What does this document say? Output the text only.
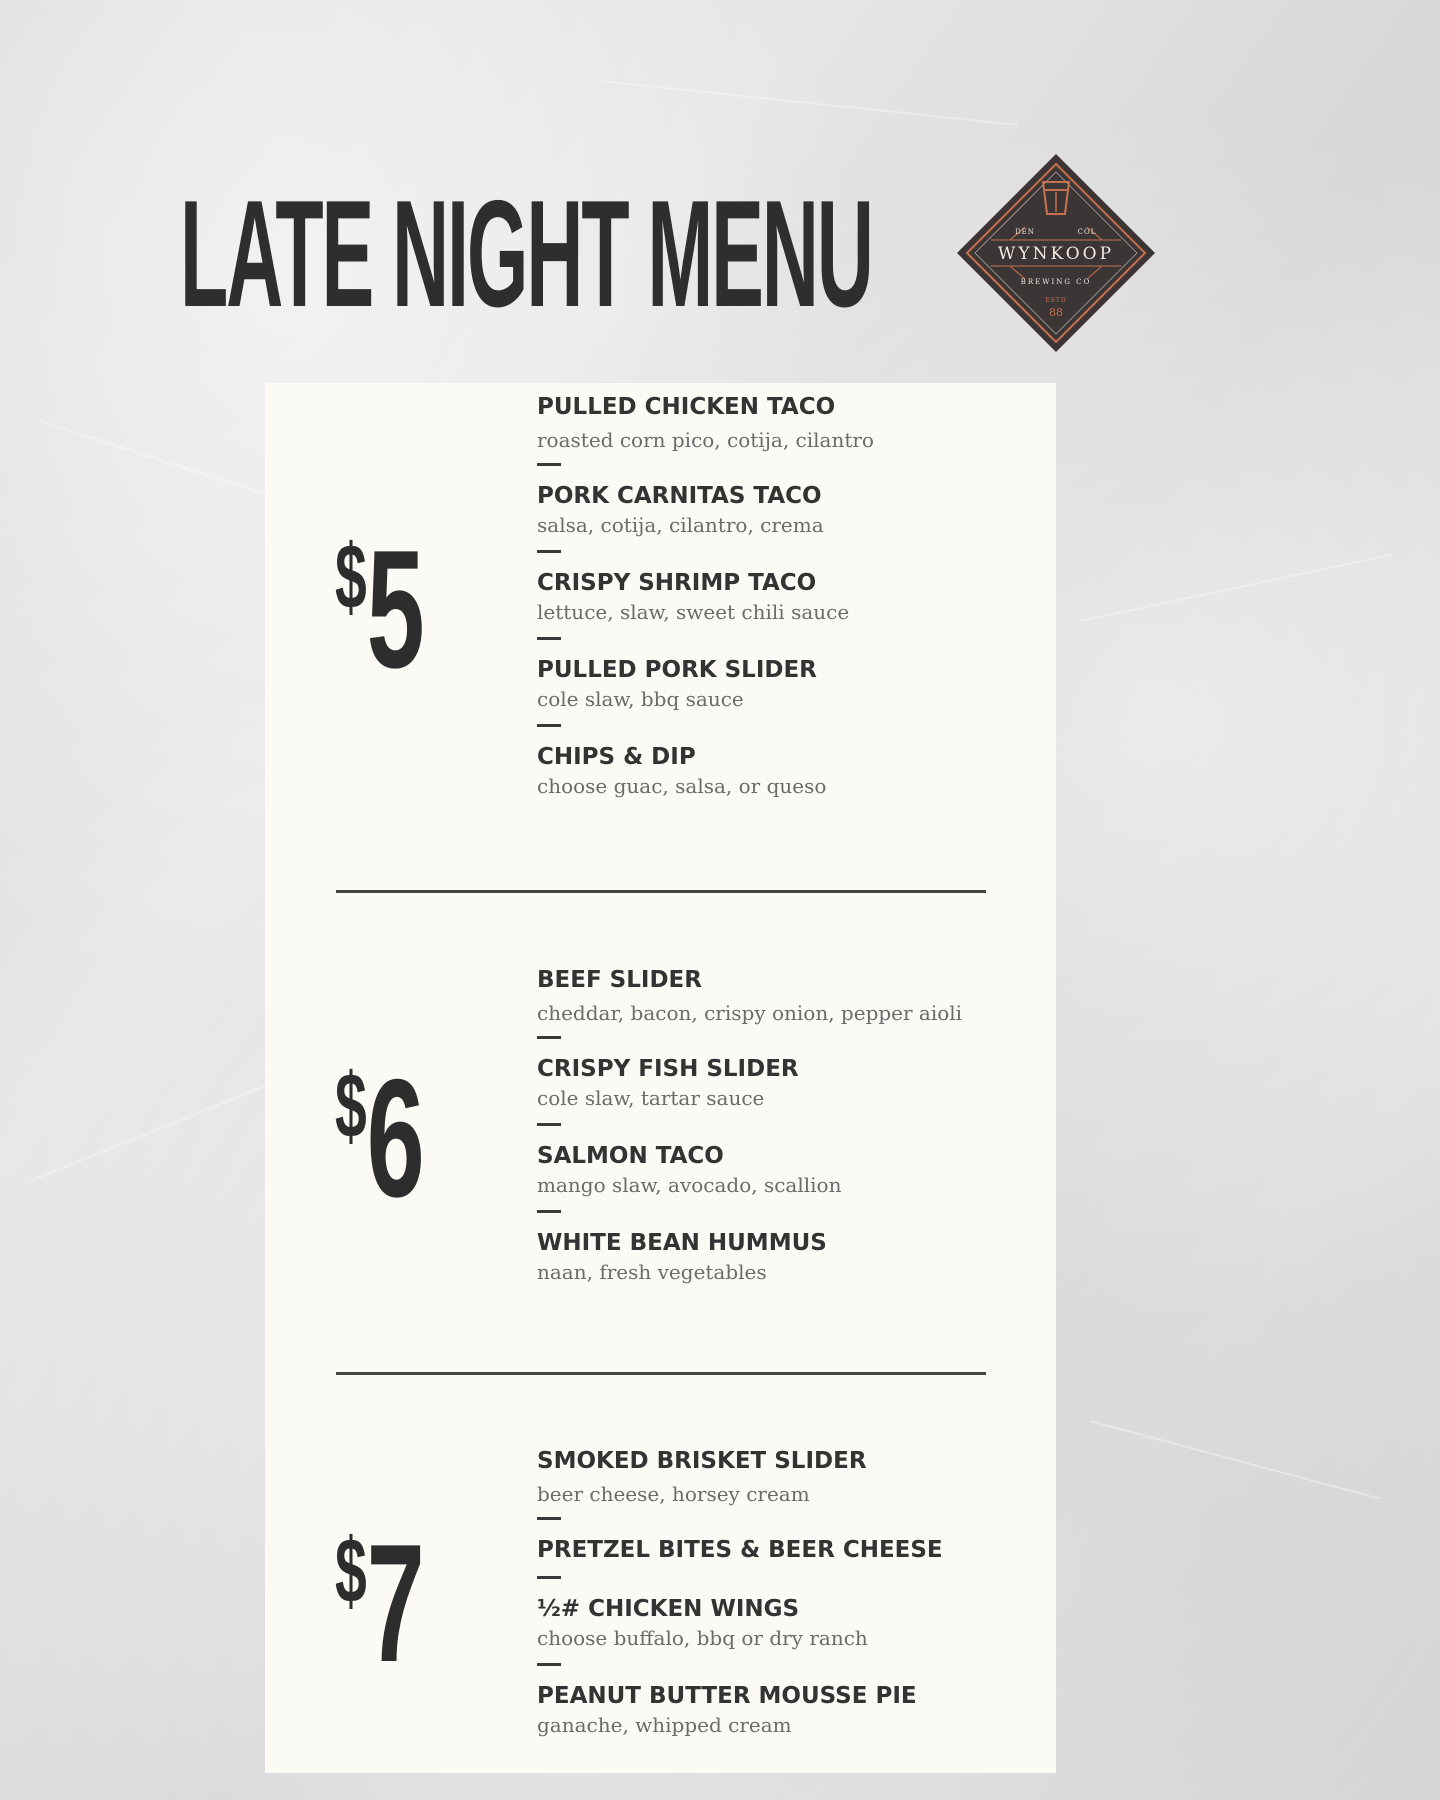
LATE NIGHT MENU	DEN	COL
WYNKOOP
BREWING CO
ESTD
88
$5
PULLED CHICKEN TACO
roasted corn pico, cotija, cilantro
PORK CARNITAS TACO
salsa, cotija, cilantro, crema
CRISPY SHRIMP TACO
lettuce, slaw, sweet chili sauce
PULLED PORK SLIDER
cole slaw, bbq sauce
CHIPS & DIP
choose guac, salsa, or queso
$6
BEEF SLIDER
cheddar, bacon, crispy onion, pepper aioli
CRISPY FISH SLIDER
cole slaw, tartar sauce
SALMON TACO
mango slaw, avocado, scallion
WHITE BEAN HUMMUS
naan, fresh vegetables
$7
SMOKED BRISKET SLIDER
beer cheese, horsey cream
PRETZEL BITES & BEER CHEESE
½# CHICKEN WINGS
choose buffalo, bbq or dry ranch
PEANUT BUTTER MOUSSE PIE
ganache, whipped cream
